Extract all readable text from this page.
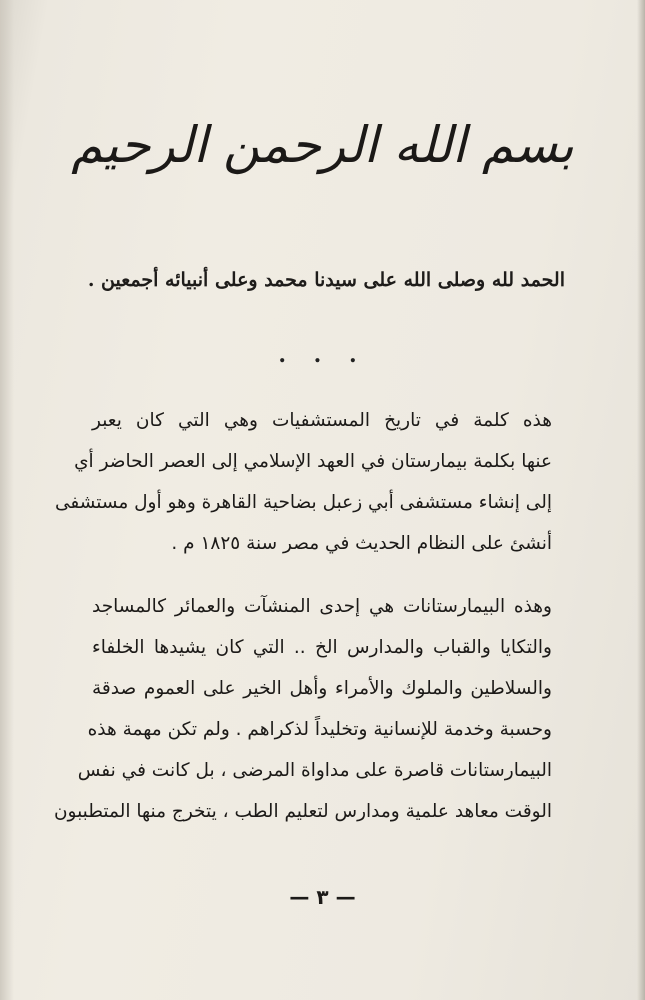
بسم الله الرحمن الرحيم
الحمد لله وصلى الله على سيدنا محمد وعلى أنبيائه أجمعين .
. . .
هذه كلمة في تاريخ المستشفيات وهي التي كان يعبر
عنها بكلمة بيمارستان في العهد الإسلامي إلى العصر الحاضر أي
إلى إنشاء مستشفى أبي زعبل بضاحية القاهرة وهو أول مستشفى
أنشئ على النظام الحديث في مصر سنة ١٨٢٥ م .
وهذه البيمارستانات هي إحدى المنشآت والعمائر كالمساجد
والتكايا والقباب والمدارس الخ .. التي كان يشيدها الخلفاء
والسلاطين والملوك والأمراء وأهل الخير على العموم صدقة
وحسبة وخدمة للإنسانية وتخليداً لذكراهم . ولم تكن مهمة هذه
البيمارستانات قاصرة على مداواة المرضى ، بل كانت في نفس
الوقت معاهد علمية ومدارس لتعليم الطب ، يتخرج منها المتطببون
— ٣ —
